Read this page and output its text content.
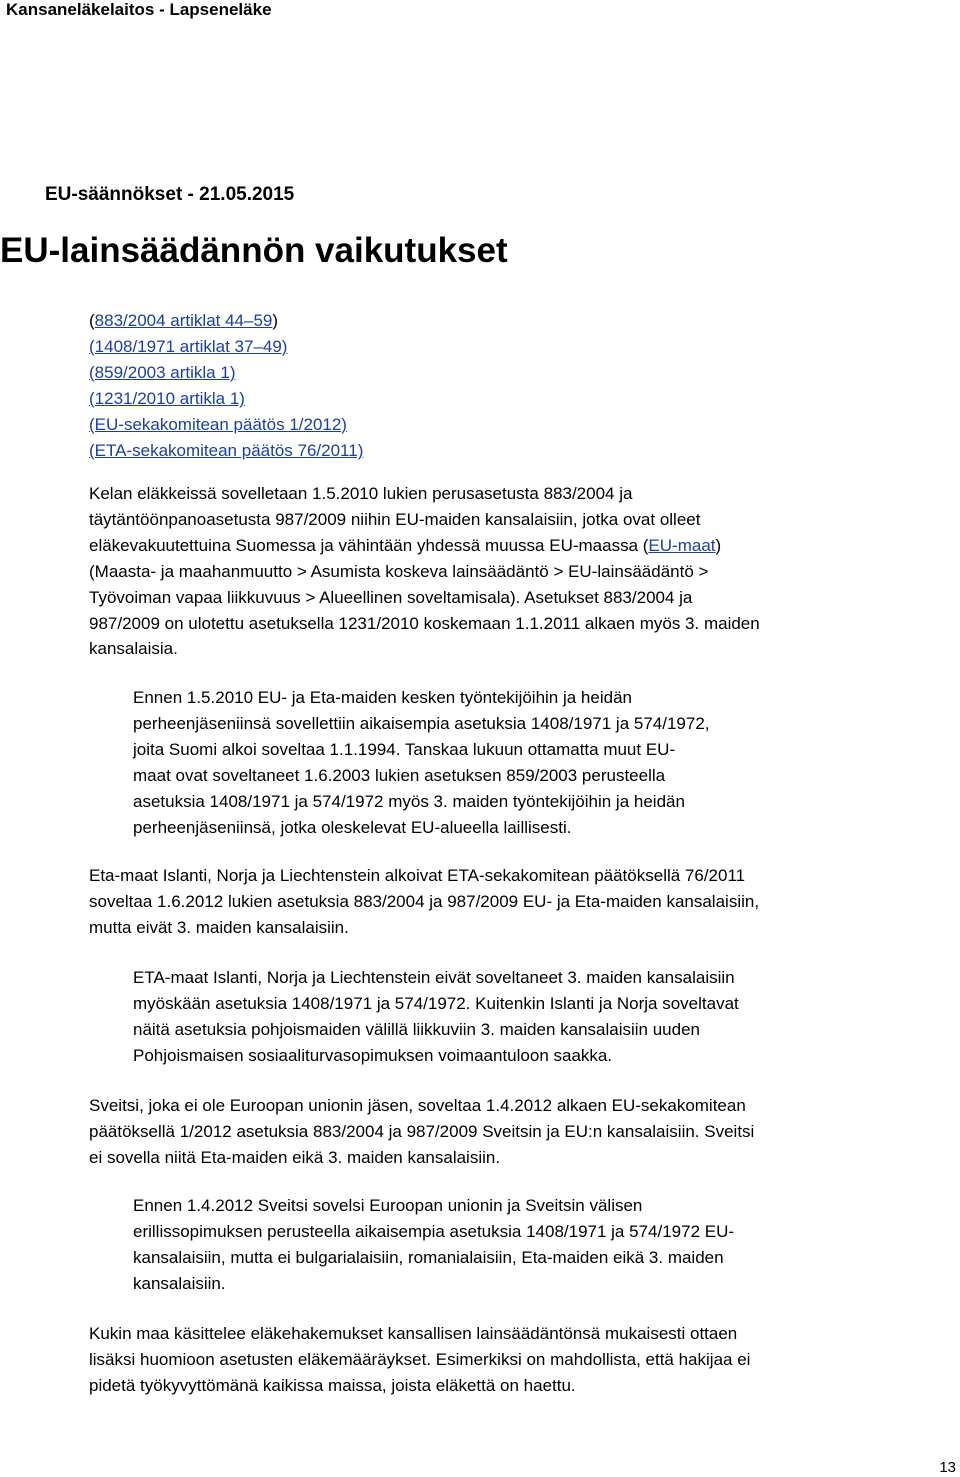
Kansaneläkelaitos - Lapseneläke
EU-säännökset - 21.05.2015
EU-lainsäädännön vaikutukset
(883/2004 artiklat 44–59)
(1408/1971 artiklat 37–49)
(859/2003 artikla 1)
(1231/2010 artikla 1)
(EU-sekakomitean päätös 1/2012)
(ETA-sekakomitean päätös 76/2011)
Kelan eläkkeissä sovelletaan 1.5.2010 lukien perusasetusta 883/2004 ja
täytäntöönpanoasetusta 987/2009 niihin EU-maiden kansalaisiin, jotka ovat olleet
eläkevakuutettuina Suomessa ja vähintään yhdessä muussa EU-maassa (EU-maat)
(Maasta- ja maahanmuutto > Asumista koskeva lainsäädäntö > EU-lainsäädäntö >
Työvoiman vapaa liikkuvuus > Alueellinen soveltamisala). Asetukset 883/2004 ja
987/2009 on ulotettu asetuksella 1231/2010 koskemaan 1.1.2011 alkaen myös 3. maiden
kansalaisia.
Ennen 1.5.2010 EU- ja Eta-maiden kesken työntekijöihin ja heidän
perheenjäseniinsä sovellettiin aikaisempia asetuksia 1408/1971 ja 574/1972,
joita Suomi alkoi soveltaa 1.1.1994. Tanskaa lukuun ottamatta muut EU-
maat ovat soveltaneet 1.6.2003 lukien asetuksen 859/2003 perusteella
asetuksia 1408/1971 ja 574/1972 myös 3. maiden työntekijöihin ja heidän
perheenjäseniinsä, jotka oleskelevat EU-alueella laillisesti.
Eta-maat Islanti, Norja ja Liechtenstein alkoivat ETA-sekakomitean päätöksellä 76/2011
soveltaa 1.6.2012 lukien asetuksia 883/2004 ja 987/2009 EU- ja Eta-maiden kansalaisiin,
mutta eivät 3. maiden kansalaisiin.
ETA-maat Islanti, Norja ja Liechtenstein eivät soveltaneet 3. maiden kansalaisiin
myöskään asetuksia 1408/1971 ja 574/1972. Kuitenkin Islanti ja Norja soveltavat
näitä asetuksia pohjoismaiden välillä liikkuviin 3. maiden kansalaisiin uuden
Pohjoismaisen sosiaaliturvasopimuksen voimaantuloon saakka.
Sveitsi, joka ei ole Euroopan unionin jäsen, soveltaa 1.4.2012 alkaen EU-sekakomitean
päätöksellä 1/2012 asetuksia 883/2004 ja 987/2009 Sveitsin ja EU:n kansalaisiin. Sveitsi
ei sovella niitä Eta-maiden eikä 3. maiden kansalaisiin.
Ennen 1.4.2012 Sveitsi sovelsi Euroopan unionin ja Sveitsin välisen
erillissopimuksen perusteella aikaisempia asetuksia 1408/1971 ja 574/1972 EU-
kansalaisiin, mutta ei bulgarialaisiin, romanialaisiin, Eta-maiden eikä 3. maiden
kansalaisiin.
Kukin maa käsittelee eläkehakemukset kansallisen lainsäädäntönsä mukaisesti ottaen
lisäksi huomioon asetusten eläkemääräykset. Esimerkiksi on mahdollista, että hakijaa ei
pidetä työkyvyttömänä kaikissa maissa, joista eläkettä on haettu.
13
